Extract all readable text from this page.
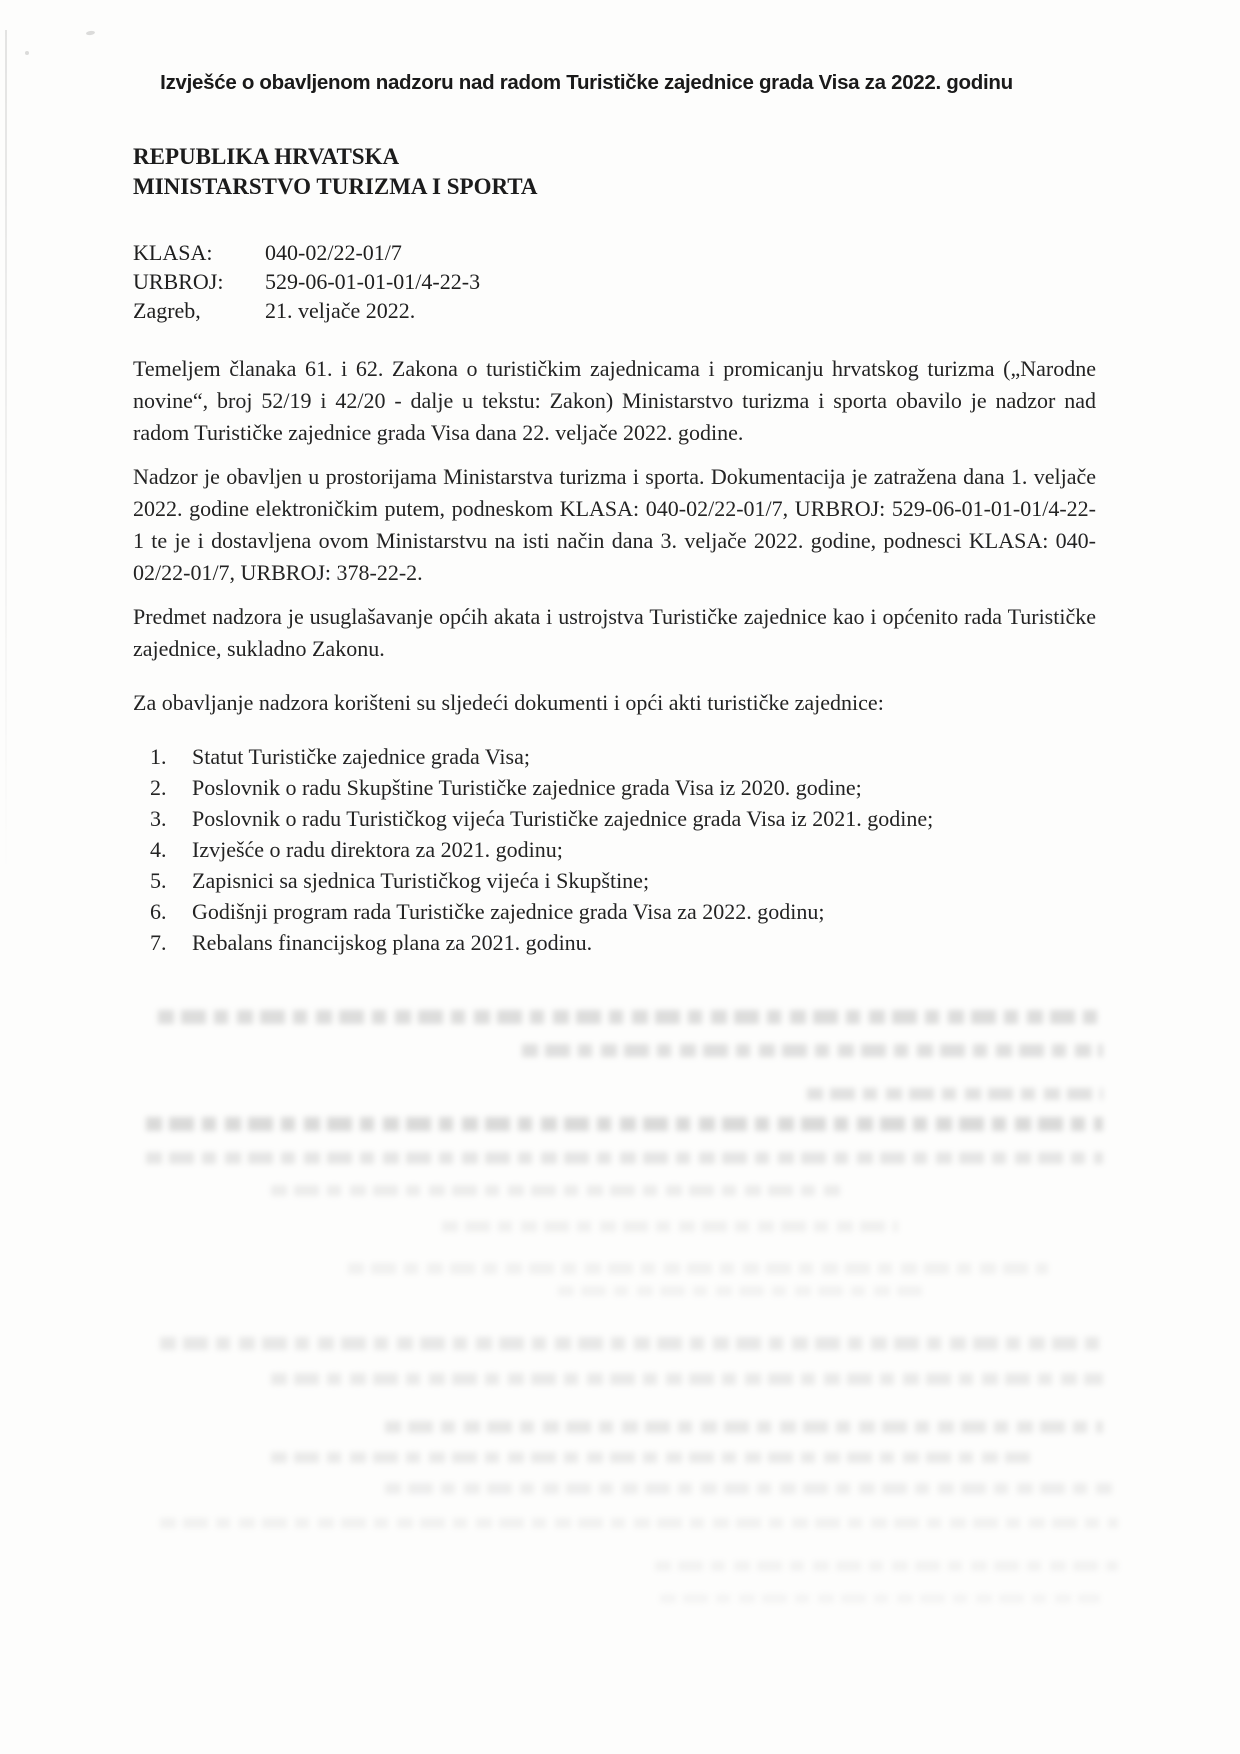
Izvješće o obavljenom nadzoru nad radom Turističke zajednice grada Visa za 2022. godinu
REPUBLIKA HRVATSKA
MINISTARSTVO TURIZMA I SPORTA
KLASA: 040-02/22-01/7
URBROJ: 529-06-01-01-01/4-22-3
Zagreb,	21. veljače 2022.

Temeljem članaka 61. i 62. Zakona o turističkim zajednicama i promicanju hrvatskog turizma („Narodne novine“, broj 52/19 i 42/20 - dalje u tekstu: Zakon) Ministarstvo turizma i sporta obavilo je nadzor nad radom Turističke zajednice grada Visa dana 22. veljače 2022. godine.

Nadzor je obavljen u prostorijama Ministarstva turizma i sporta. Dokumentacija je zatražena dana 1. veljače 2022. godine elektroničkim putem, podneskom KLASA: 040-02/22-01/7, URBROJ: 529-06-01-01-01/4-22-1 te je i dostavljena ovom Ministarstvu na isti način dana 3. veljače 2022. godine, podnesci KLASA: 040-02/22-01/7, URBROJ: 378-22-2.

Predmet nadzora je usuglašavanje općih akata i ustrojstva Turističke zajednice kao i općenito rada Turističke zajednice, sukladno Zakonu.

Za obavljanje nadzora korišteni su sljedeći dokumenti i opći akti turističke zajednice:

Statut Turističke zajednice grada Visa;
Poslovnik o radu Skupštine Turističke zajednice grada Visa iz 2020. godine;
Poslovnik o radu Turističkog vijeća Turističke zajednice grada Visa iz 2021. godine;
Izvješće o radu direktora za 2021. godinu;
Zapisnici sa sjednica Turističkog vijeća i Skupštine;
Godišnji program rada Turističke zajednice grada Visa za 2022. godinu;
Rebalans financijskog plana za 2021. godinu.
